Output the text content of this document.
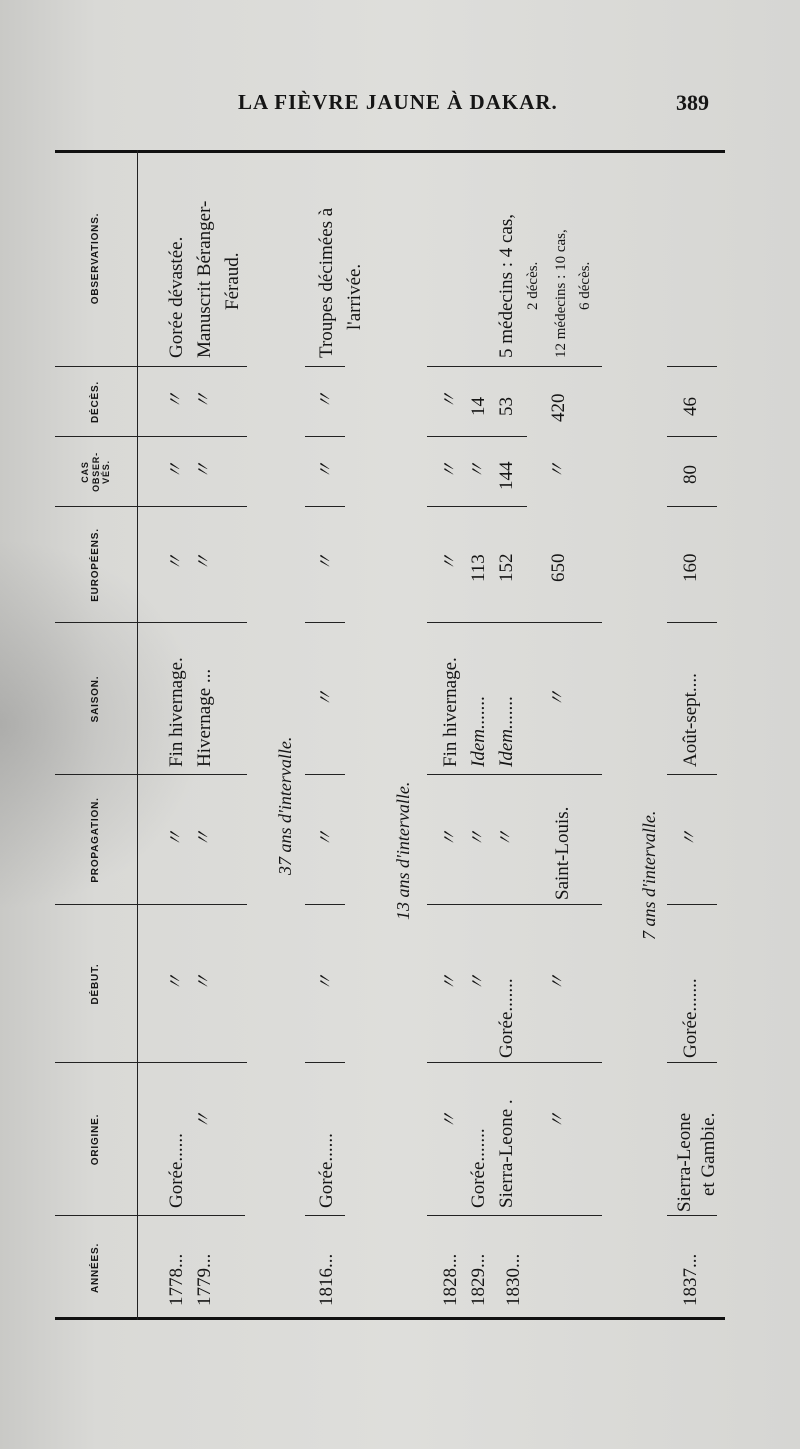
LA FIÈVRE JAUNE À DAKAR.	389
ANNÉES.
ORIGINE.
DÉBUT.
PROPAGATION.
SAISON.
EUROPÉENS.
CAS OBSER-VÉS.
DÉCÈS.
OBSERVATIONS.
1778...
Gorée......
〃
〃
Fin hivernage.
〃
〃
〃
Gorée dévastée.
1779...
〃
〃
〃
Hivernage ...
〃
〃
〃
Manuscrit Béranger- Féraud.
37 ans d'intervalle.
1816...
Gorée......
〃
〃
〃
〃
〃
〃
Troupes décimées à l'arrivée.
13 ans d'intervalle.
1828...
〃
〃
〃
Fin hivernage.
〃
〃
〃
1829...
Gorée.......
〃
〃
Idem.......
113
〃
14
1830...
Sierra-Leone .
Gorée.......
〃
Idem.......
152
144
53
5 médecins : 4 cas, 2 décès.
〃
〃
Saint-Louis.
〃
650
〃
420
12 médecins : 10 cas, 6 décès.
7 ans d'intervalle.
1837...
Sierra-Leone et Gambie.
Gorée.......
〃
Août-sept....
160
80
46
